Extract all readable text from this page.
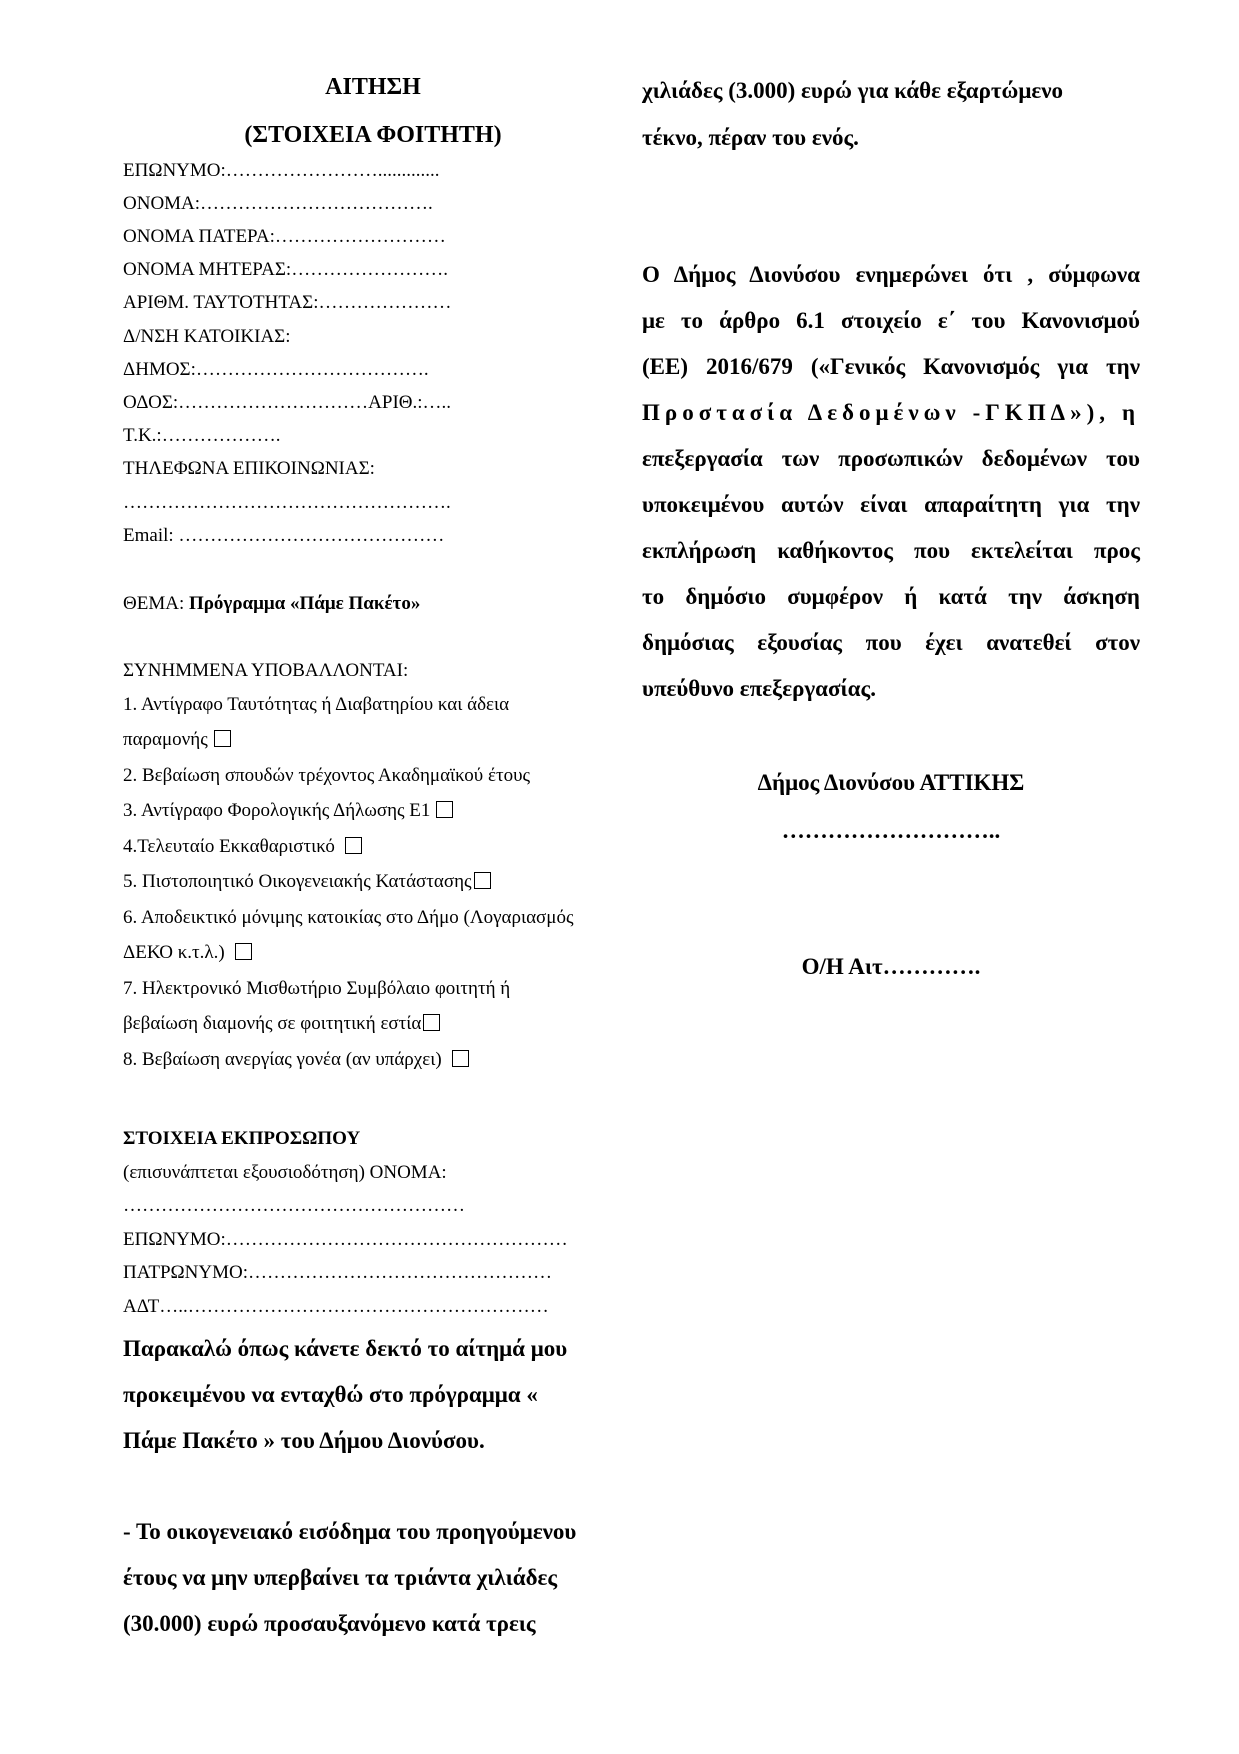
ΑΙΤΗΣΗ
(ΣΤΟΙΧΕΙΑ ΦΟΙΤΗΤΗ)
ΕΠΩΝΥΜΟ:…………………….............
ΟΝΟΜΑ:……………………………….
ΟΝΟΜΑ ΠΑΤΕΡΑ:………………………
ΟΝΟΜΑ ΜΗΤΕΡΑΣ:…………………….
ΑΡΙΘΜ. ΤΑΥΤΟΤΗΤΑΣ:…………………
Δ/ΝΣΗ ΚΑΤΟΙΚΙΑΣ:
ΔΗΜΟΣ:……………………………….
ΟΔΟΣ:…………………………ΑΡΙΘ.:…..
Τ.Κ.:……………….
ΤΗΛΕΦΩΝΑ ΕΠΙΚΟΙΝΩΝΙΑΣ:
…………………………………………….
Email: ……………………………………
ΘΕΜΑ: Πρόγραμμα «Πάμε Πακέτο»
ΣΥΝΗΜΜΕΝΑ ΥΠΟΒΑΛΛΟΝΤΑΙ:
1. Αντίγραφο Ταυτότητας ή Διαβατηρίου και άδεια
παραμονής
2. Βεβαίωση σπουδών τρέχοντος Ακαδημαϊκού έτους
3. Αντίγραφο Φορολογικής Δήλωσης Ε1
4.Τελευταίο Εκκαθαριστικό
5. Πιστοποιητικό Οικογενειακής Κατάστασης
6. Αποδεικτικό μόνιμης κατοικίας στο Δήμο (Λογαριασμός
ΔΕΚΟ κ.τ.λ.)
7. Ηλεκτρονικό Μισθωτήριο Συμβόλαιο φοιτητή ή
βεβαίωση διαμονής σε φοιτητική εστία
8. Βεβαίωση ανεργίας γονέα (αν υπάρχει)
ΣΤΟΙΧΕΙΑ ΕΚΠΡΟΣΩΠΟΥ
(επισυνάπτεται εξουσιοδότηση) ΟΝΟΜΑ:
………………………………………………
ΕΠΩΝΥΜΟ:………………………………………………
ΠΑΤΡΩΝΥΜΟ:…………………………………………
ΑΔΤ…..…………………………………………………
Παρακαλώ όπως κάνετε δεκτό το αίτημά μου
προκειμένου να ενταχθώ στο πρόγραμμα «
Πάμε Πακέτο » του Δήμου Διονύσου.
- Το οικογενειακό εισόδημα του προηγούμενου
έτους να μην υπερβαίνει τα τριάντα χιλιάδες
(30.000) ευρώ προσαυξανόμενο κατά τρεις
χιλιάδες (3.000) ευρώ για κάθε εξαρτώμενο
τέκνο, πέραν του ενός.
Ο Δήμος Διονύσου ενημερώνει ότι , σύμφωνα
με το άρθρο 6.1 στοιχείο ε΄ του Κανονισμού
(ΕΕ) 2016/679 («Γενικός Κανονισμός για την
Προστασία Δεδομένων -ΓΚΠΔ»), η
επεξεργασία των προσωπικών δεδομένων του
υποκειμένου αυτών είναι απαραίτητη για την
εκπλήρωση καθήκοντος που εκτελείται προς
το δημόσιο συμφέρον ή κατά την άσκηση
δημόσιας εξουσίας που έχει ανατεθεί στον
υπεύθυνο επεξεργασίας.
Δήμος Διονύσου ΑΤΤΙΚΗΣ
………………………..
Ο/Η Αιτ………….
